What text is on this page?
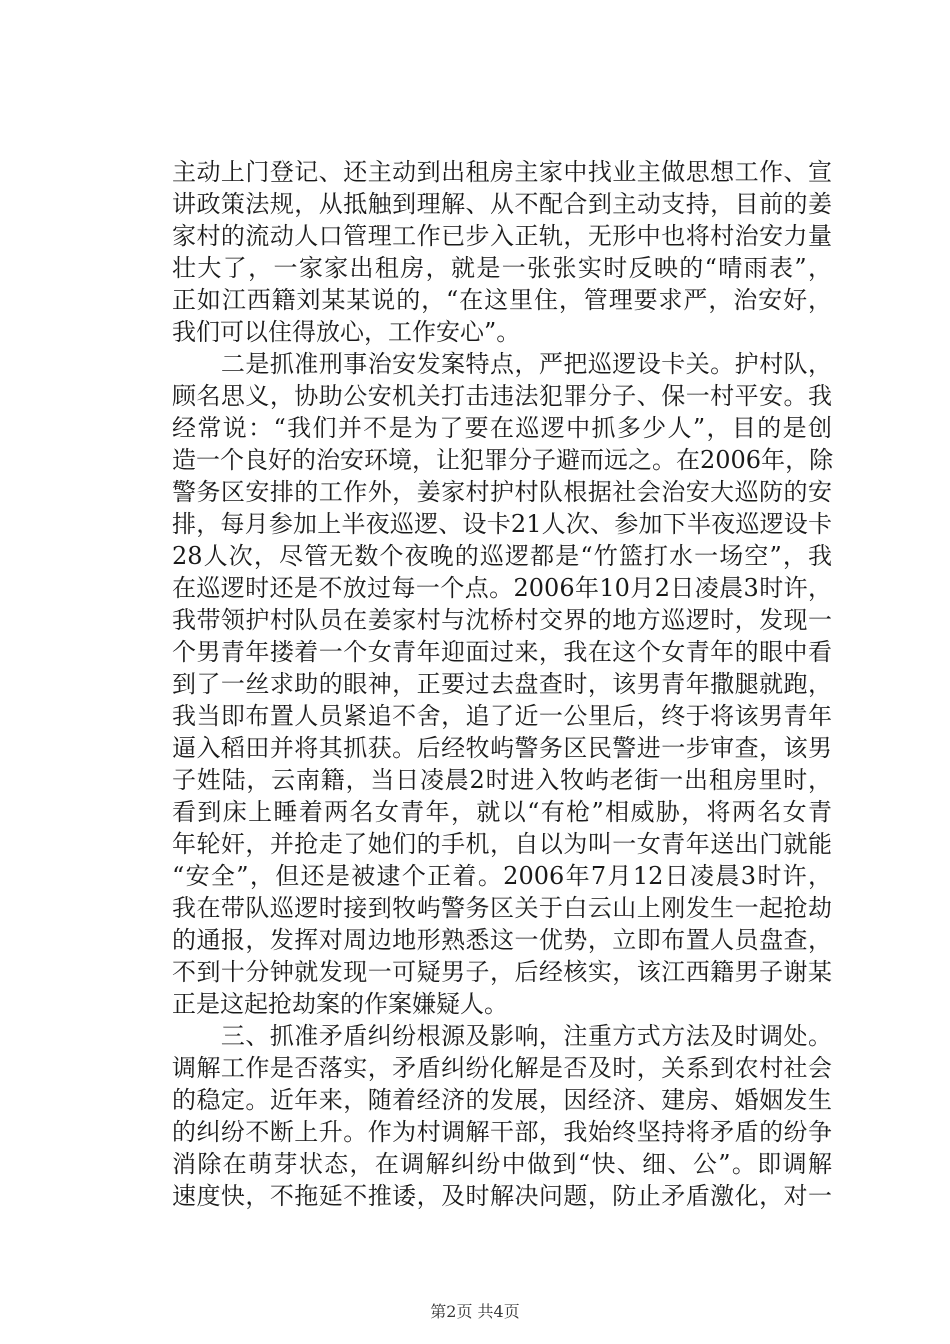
主动上门登记、还主动到出租房主家中找业主做思想工作、宣
讲政策法规，从抵触到理解、从不配合到主动支持，目前的姜
家村的流动人口管理工作已步入正轨，无形中也将村治安力量
壮大了，一家家出租房，就是一张张实时反映的“晴雨表”，
正如江西籍刘某某说的，“在这里住，管理要求严，治安好，
我们可以住得放心，工作安心”。
　　二是抓准刑事治安发案特点，严把巡逻设卡关。护村队，
顾名思义，协助公安机关打击违法犯罪分子、保一村平安。我
经常说：“我们并不是为了要在巡逻中抓多少人”，目的是创
造一个良好的治安环境，让犯罪分子避而远之。在2006年，除
警务区安排的工作外，姜家村护村队根据社会治安大巡防的安
排，每月参加上半夜巡逻、设卡21人次、参加下半夜巡逻设卡
28人次，尽管无数个夜晚的巡逻都是“竹篮打水一场空”，我
在巡逻时还是不放过每一个点。2006年10月2日凌晨3时许，
我带领护村队员在姜家村与沈桥村交界的地方巡逻时，发现一
个男青年搂着一个女青年迎面过来，我在这个女青年的眼中看
到了一丝求助的眼神，正要过去盘查时，该男青年撒腿就跑，
我当即布置人员紧追不舍，追了近一公里后，终于将该男青年
逼入稻田并将其抓获。后经牧屿警务区民警进一步审查，该男
子姓陆，云南籍，当日凌晨2时进入牧屿老街一出租房里时，
看到床上睡着两名女青年，就以“有枪”相威胁，将两名女青
年轮奸，并抢走了她们的手机，自以为叫一女青年送出门就能
“安全”，但还是被逮个正着。2006年7月12日凌晨3时许，
我在带队巡逻时接到牧屿警务区关于白云山上刚发生一起抢劫
的通报，发挥对周边地形熟悉这一优势，立即布置人员盘查，
不到十分钟就发现一可疑男子，后经核实，该江西籍男子谢某
正是这起抢劫案的作案嫌疑人。
　　三、抓准矛盾纠纷根源及影响，注重方式方法及时调处。
调解工作是否落实，矛盾纠纷化解是否及时，关系到农村社会
的稳定。近年来，随着经济的发展，因经济、建房、婚姻发生
的纠纷不断上升。作为村调解干部，我始终坚持将矛盾的纷争
消除在萌芽状态，在调解纠纷中做到“快、细、公”。即调解
速度快，不拖延不推诿，及时解决问题，防止矛盾激化，对一
第2页 共4页
